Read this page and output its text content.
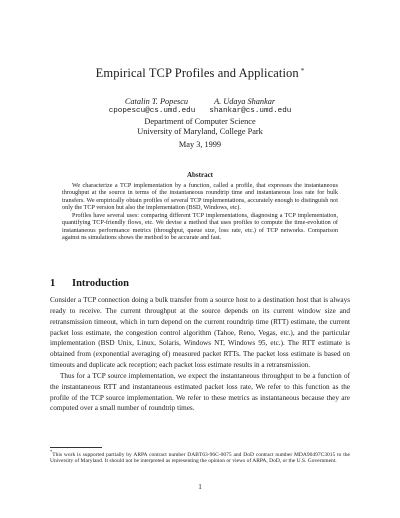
Empirical TCP Profiles and Application *
Catalin T. Popescu	A. Udaya Shankar
cpopescu@cs.umd.edu shankar@cs.umd.edu
Department of Computer Science
University of Maryland, College Park
May 3, 1999
Abstract

We characterize a TCP implementation by a function, called a profile, that expresses the instantaneous throughput at the source in terms of the instantaneous roundtrip time and instantaneous loss rate for bulk transfers. We empirically obtain profiles of several TCP implementations, accurately enough to distinguish not only the TCP version but also the implementation (BSD, Windows, etc).

Profiles have several uses: comparing different TCP implementations, diagnosing a TCP implementation, quantifying TCP-friendly flows, etc. We devise a method that uses profiles to compute the time-evolution of instantaneous performance metrics (throughput, queue size, loss rate, etc.) of TCP networks. Comparison against ns simulations shows the method to be accurate and fast.

1 Introduction

Consider a TCP connection doing a bulk transfer from a source host to a destination host that is always ready to receive. The current throughput at the source depends on its current window size and retransmission timeout, which in turn depend on the current roundtrip time (RTT) estimate, the current packet loss estimate, the congestion control algorithm (Tahoe, Reno, Vegas, etc.), and the particular implementation (BSD Unix, Linux, Solaris, Windows NT, Windows 95, etc.). The RTT estimate is obtained from (exponential averaging of) measured packet RTTs. The packet loss estimate is based on timeouts and duplicate ack reception; each packet loss estimate results in a retransmission.

Thus for a TCP source implementation, we expect the instantaneous throughput to be a function of the instantaneous RTT and instantaneous estimated packet loss rate, We refer to this function as the profile of the TCP source implementation. We refer to these metrics as instantaneous because they are computed over a small number of roundtrip times.

*This work is supported partially by ARPA contract number DABT63-96C-0075 and DoD contract number MDA90497C3015 to the University of Maryland. It should not be interpreted as representing the opinion or views of ARPA, DoD, or the U.S. Government.
1
